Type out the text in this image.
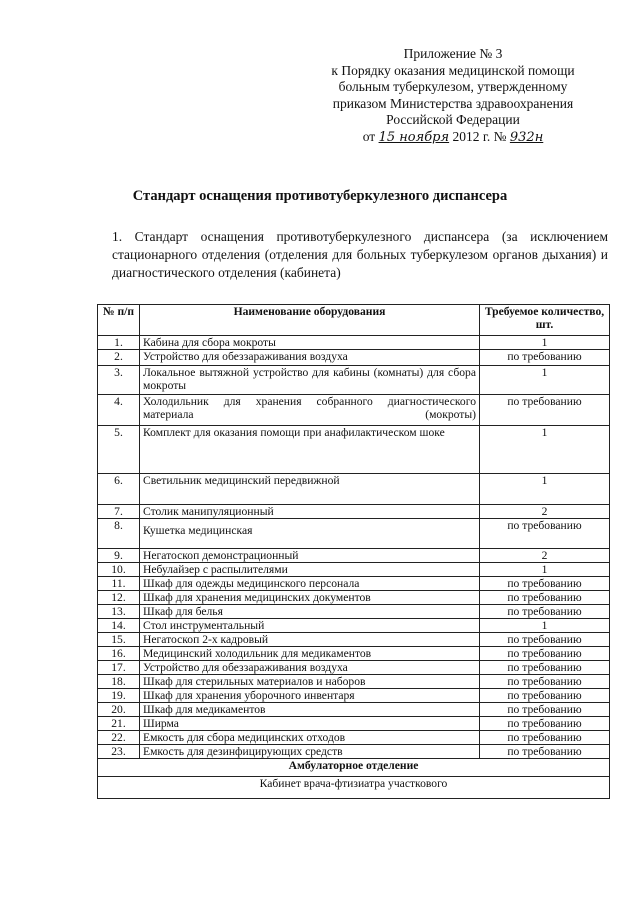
Приложение № 3
к Порядку оказания медицинской помощи
больным туберкулезом, утвержденному
приказом Министерства здравоохранения
Российской Федерации
от 15 ноября 2012 г. № 932н
Стандарт оснащения противотуберкулезного диспансера
1. Стандарт оснащения противотуберкулезного диспансера (за исключением стационарного отделения (отделения для больных туберкулезом органов дыхания) и диагностического отделения (кабинета)
№ п/п	Наименование оборудования	Требуемое количество, шт.
1.	Кабина для сбора мокроты	1
2.	Устройство для обеззараживания воздуха	по требованию
3.	Локальное вытяжной устройство для кабины (комнаты) для сбора мокроты	1
4.	Холодильник для хранения собранного диагностического материала (мокроты)	по требованию
5.	Комплект для оказания помощи при анафилактическом шоке	1
6.	Светильник медицинский передвижной	1
7.	Столик манипуляционный	2
8.	Кушетка медицинская	по требованию
9.	Негатоскоп демонстрационный	2
10.	Небулайзер с распылителями	1
11.	Шкаф для одежды медицинского персонала	по требованию
12.	Шкаф для хранения медицинских документов	по требованию
13.	Шкаф для белья	по требованию
14.	Стол инструментальный	1
15.	Негатоскоп 2-х кадровый	по требованию
16.	Медицинский холодильник для медикаментов	по требованию
17.	Устройство для обеззараживания воздуха	по требованию
18.	Шкаф для стерильных материалов и наборов	по требованию
19.	Шкаф для хранения уборочного инвентаря	по требованию
20.	Шкаф для медикаментов	по требованию
21.	Ширма	по требованию
22.	Емкость для сбора медицинских отходов	по требованию
23.	Емкость для дезинфицирующих средств	по требованию
Амбулаторное отделение		
Кабинет врача-фтизиатра участкового		
